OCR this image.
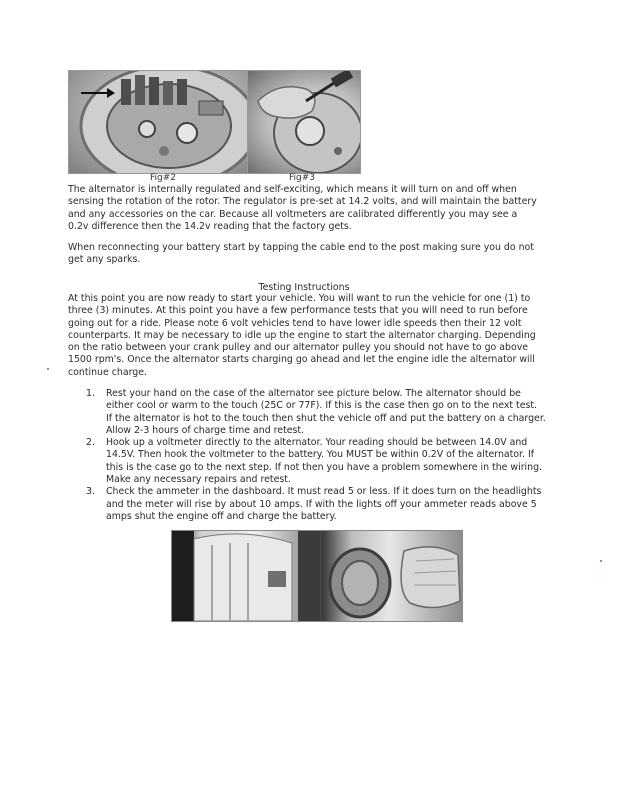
Fig#2	Fig#3

The alternator is internally regulated and self-exciting, which means it will turn on and off when sensing the rotation of the rotor. The regulator is pre-set at 14.2 volts, and will maintain the battery and any accessories on the car. Because all voltmeters are calibrated differently you may see a 0.2v difference then the 14.2v reading that the factory gets.

When reconnecting your battery start by tapping the cable end to the post making sure you do not get any sparks.

Testing Instructions

At this point you are now ready to start your vehicle. You will want to run the vehicle for one (1) to three (3) minutes. At this point you have a few performance tests that you will need to run before going out for a ride. Please note 6 volt vehicles tend to have lower idle speeds then their 12 volt counterparts. It may be necessary to idle up the engine to start the alternator charging. Depending on the ratio between your crank pulley and our alternator pulley you should not have to go above 1500 rpm's. Once the alternator starts charging go ahead and let the engine idle the alternator will continue charge.

1. Rest your hand on the case of the alternator see picture below. The alternator should be either cool or warm to the touch (25C or 77F). If this is the case then go on to the next test. If the alternator is hot to the touch then shut the vehicle off and put the battery on a charger. Allow 2-3 hours of charge time and retest.
2. Hook up a voltmeter directly to the alternator. Your reading should be between 14.0V and 14.5V. Then hook the voltmeter to the battery. You MUST be within 0.2V of the alternator. If this is the case go to the next step. If not then you have a problem somewhere in the wiring. Make any necessary repairs and retest.
3. Check the ammeter in the dashboard. It must read 5 or less. If it does turn on the headlights and the meter will rise by about 10 amps. If with the lights off your ammeter reads above 5 amps shut the engine off and charge the battery.
